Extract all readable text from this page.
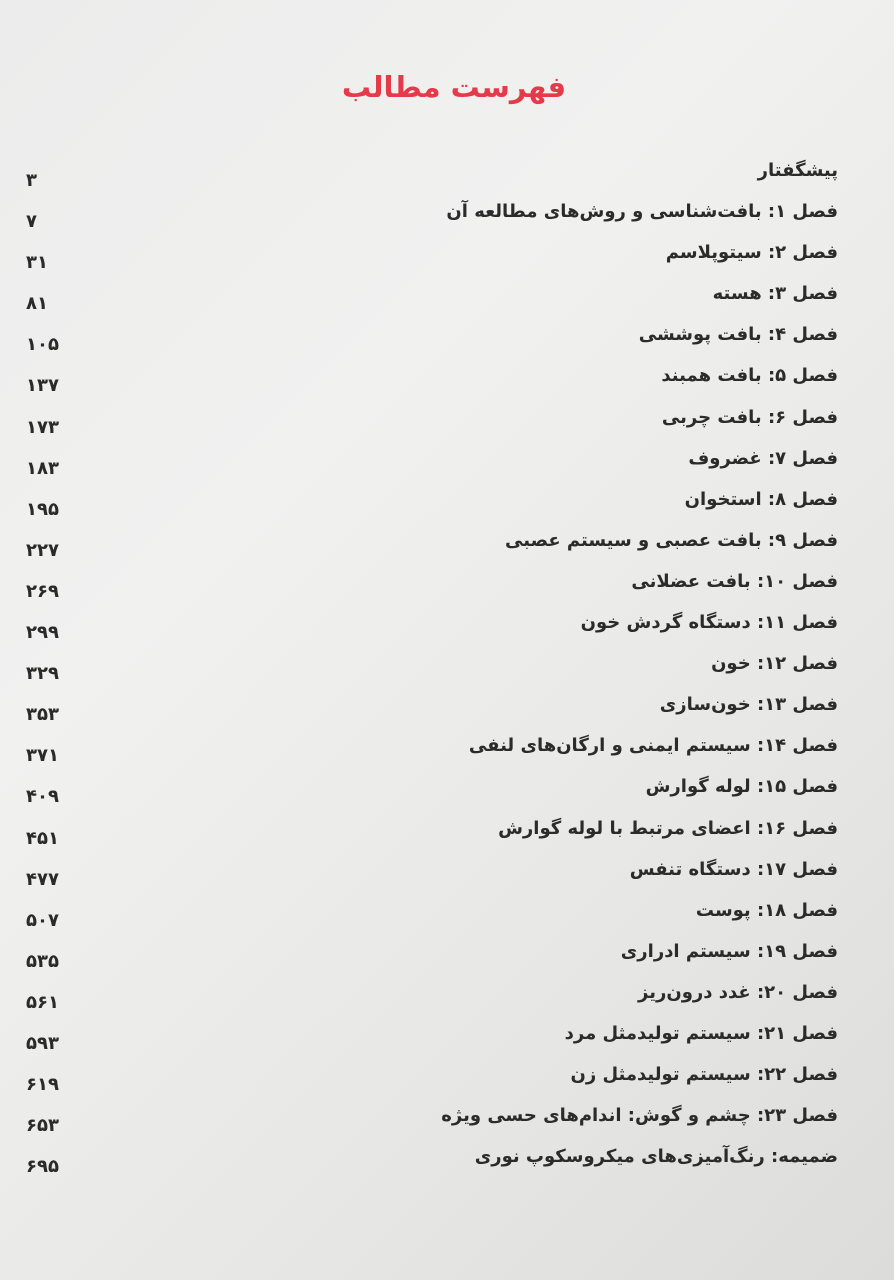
فهرست مطالب
پیشگفتار
۳
فصل ۱: بافت‌شناسی و روش‌های مطالعه آن
۷
فصل ۲: سیتوپلاسم
۳۱
فصل ۳: هسته
۸۱
فصل ۴: بافت پوششی
۱۰۵
فصل ۵: بافت همبند
۱۳۷
فصل ۶: بافت چربی
۱۷۳
فصل ۷: غضروف
۱۸۳
فصل ۸: استخوان
۱۹۵
فصل ۹: بافت عصبی و سیستم عصبی
۲۲۷
فصل ۱۰: بافت عضلانی
۲۶۹
فصل ۱۱: دستگاه گردش خون
۲۹۹
فصل ۱۲: خون
۳۲۹
فصل ۱۳: خون‌سازی
۳۵۳
فصل ۱۴: سیستم ایمنی و ارگان‌های لنفی
۳۷۱
فصل ۱۵: لوله گوارش
۴۰۹
فصل ۱۶: اعضای مرتبط با لوله گوارش
۴۵۱
فصل ۱۷: دستگاه تنفس
۴۷۷
فصل ۱۸: پوست
۵۰۷
فصل ۱۹: سیستم ادراری
۵۳۵
فصل ۲۰: غدد درون‌ریز
۵۶۱
فصل ۲۱: سیستم تولیدمثل مرد
۵۹۳
فصل ۲۲: سیستم تولیدمثل زن
۶۱۹
فصل ۲۳: چشم و گوش: اندام‌های حسی ویژه
۶۵۳
ضمیمه: رنگ‌آمیزی‌های میکروسکوپ نوری
۶۹۵
